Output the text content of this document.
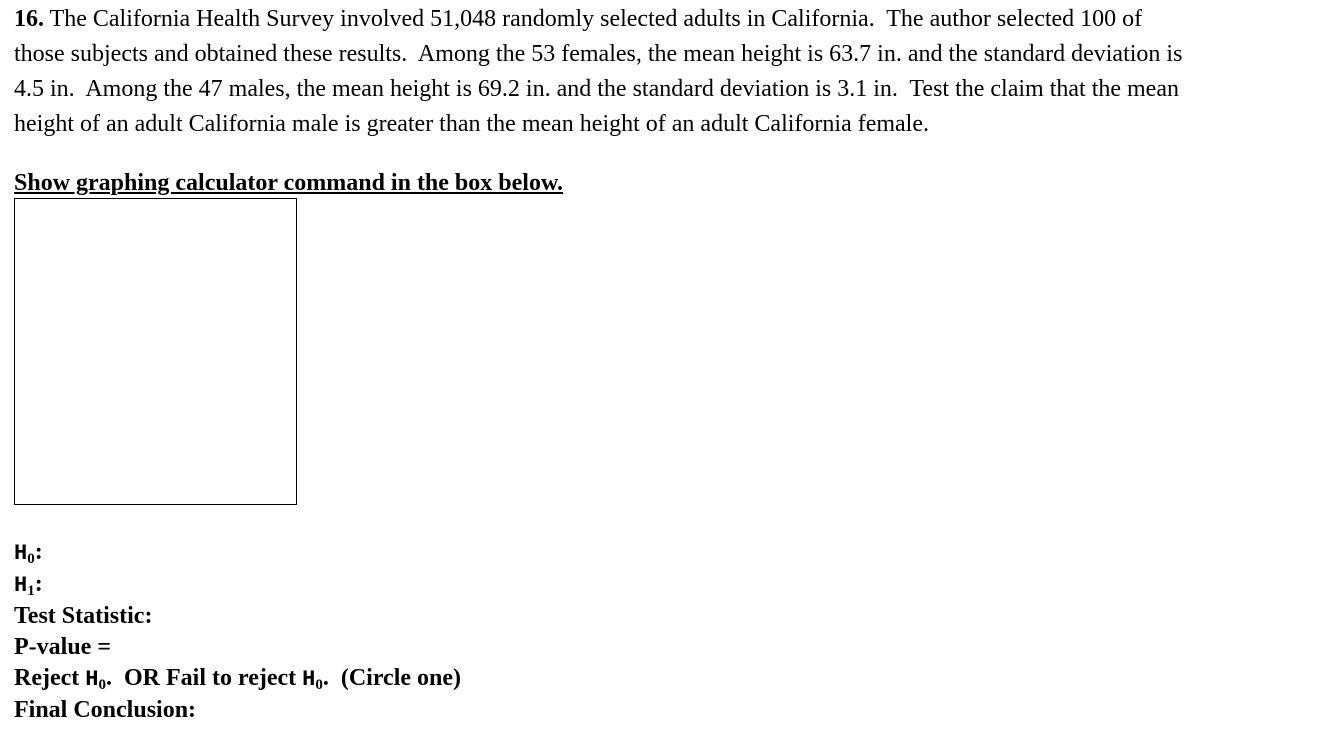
16. The California Health Survey involved 51,048 randomly selected adults in California.  The author selected 100 of
those subjects and obtained these results.  Among the 53 females, the mean height is 63.7 in. and the standard deviation is
4.5 in.  Among the 47 males, the mean height is 69.2 in. and the standard deviation is 3.1 in.  Test the claim that the mean
height of an adult California male is greater than the mean height of an adult California female.
Show graphing calculator command in the box below.
$H_0$:
$H_1$:
Test Statistic:
P-value =
Reject $H_0$.  OR Fail to reject $H_0$.  (Circle one)
Final Conclusion:
